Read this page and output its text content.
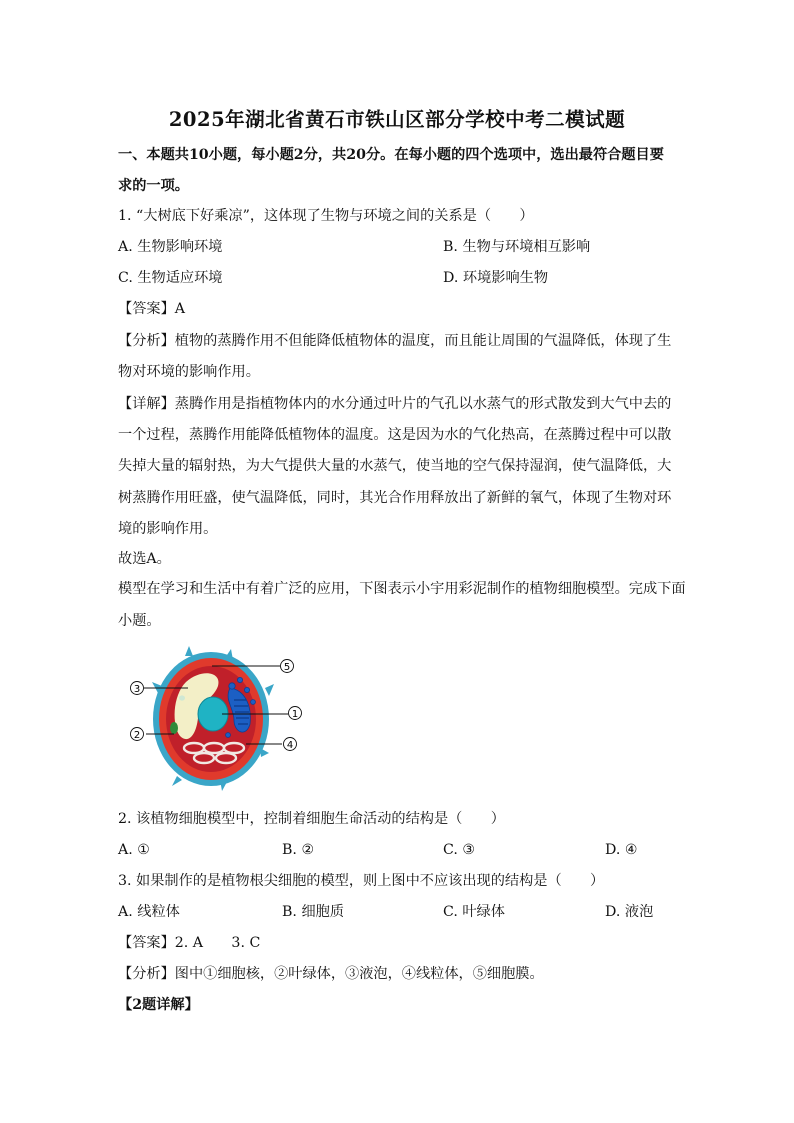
2025年湖北省黄石市铁山区部分学校中考二模试题
一、本题共10小题，每小题2分，共20分。在每小题的四个选项中，选出最符合题目要
求的一项。
1. “大树底下好乘凉”，这体现了生物与环境之间的关系是（　　）
A. 生物影响环境	B. 生物与环境相互影响
C. 生物适应环境	D. 环境影响生物
【答案】A
【分析】植物的蒸腾作用不但能降低植物体的温度，而且能让周围的气温降低，体现了生
物对环境的影响作用。
【详解】蒸腾作用是指植物体内的水分通过叶片的气孔以水蒸气的形式散发到大气中去的
一个过程，蒸腾作用能降低植物体的温度。这是因为水的气化热高，在蒸腾过程中可以散
失掉大量的辐射热，为大气提供大量的水蒸气，使当地的空气保持湿润，使气温降低，大
树蒸腾作用旺盛，使气温降低，同时，其光合作用释放出了新鲜的氧气，体现了生物对环
境的影响作用。
故选A。
模型在学习和生活中有着广泛的应用，下图表示小宇用彩泥制作的植物细胞模型。完成下面
小题。
5
3
1
2
4
2. 该植物细胞模型中，控制着细胞生命活动的结构是（　　）
A. ①	B. ②	C. ③	D. ④
3. 如果制作的是植物根尖细胞的模型，则上图中不应该出现的结构是（　　）
A. 线粒体	B. 细胞质	C. 叶绿体	D. 液泡
【答案】2. A　　3. C
【分析】图中①细胞核，②叶绿体，③液泡，④线粒体，⑤细胞膜。
【2题详解】
